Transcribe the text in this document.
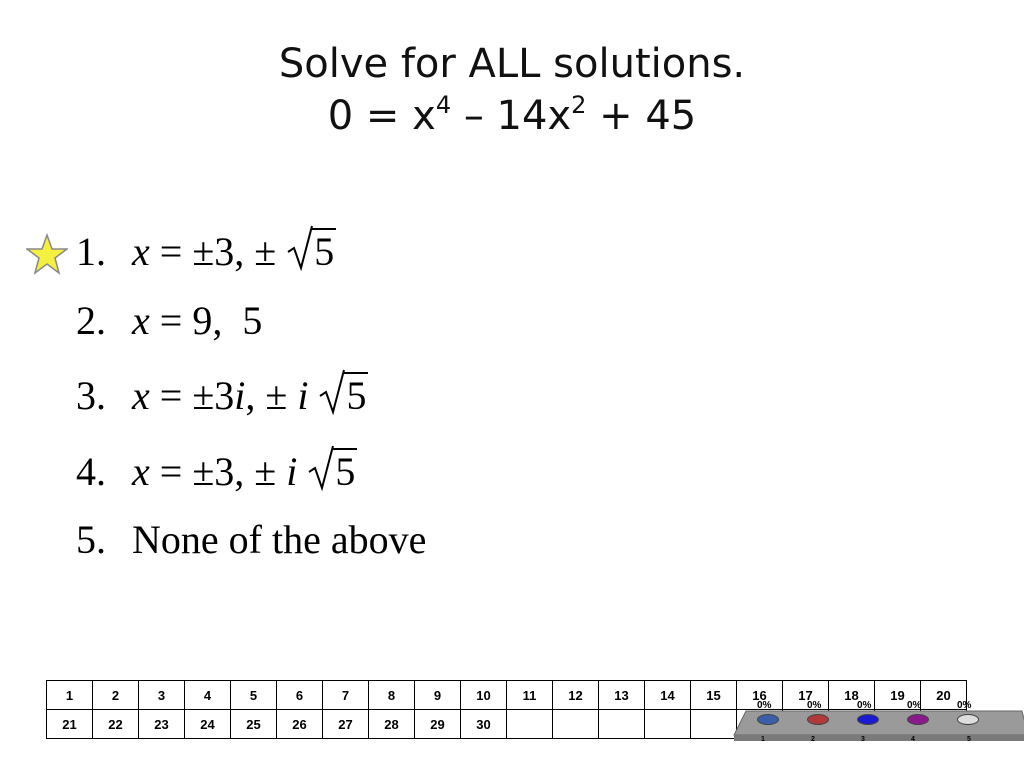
Solve for ALL solutions.
$0 = x^4 - 14x^2 + 45$
1. x = ±3, ± 5
2. x = 9,  5
3. x = ±3i, ± i 5
4. x = ±3, ± i 5
5. None of the above
1	2	3	4	5	6	7	8	9	10	11	12	13	14	15	16	17	18	19	20
21	22	23	24	25	26	27	28	29	30										
0%
1
0%
2
0%
3
0%
4
0%
5
